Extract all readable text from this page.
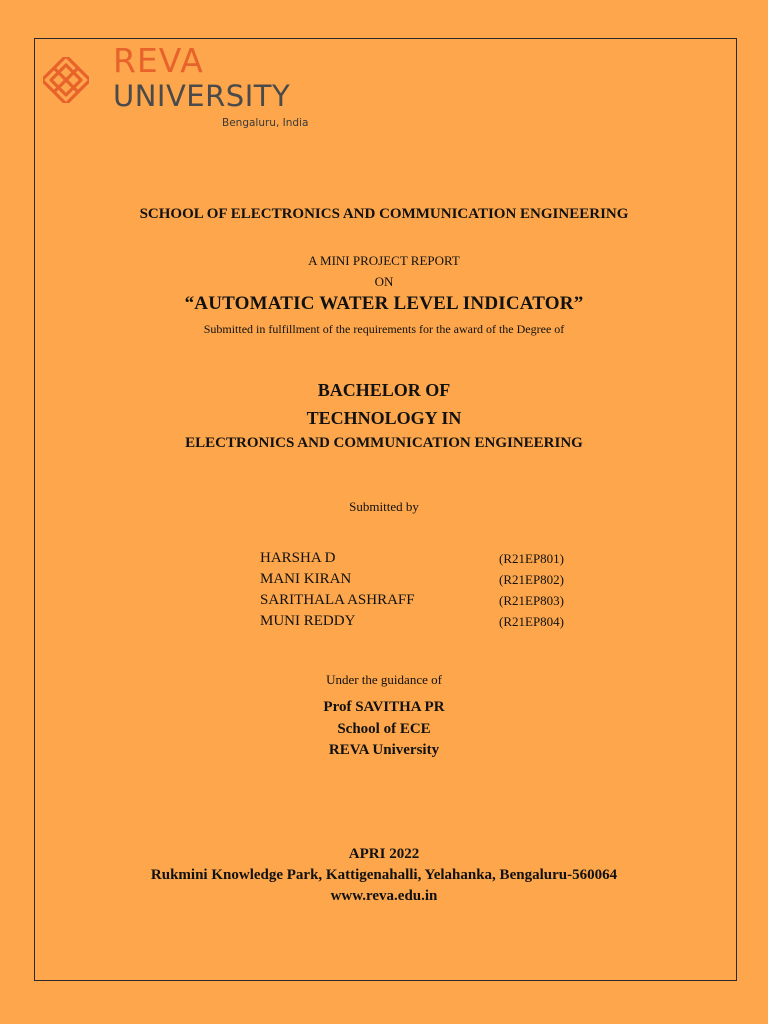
REVA
UNIVERSITY
Bengaluru, India
SCHOOL OF ELECTRONICS AND COMMUNICATION ENGINEERING
A MINI PROJECT REPORT
ON
“AUTOMATIC WATER LEVEL INDICATOR”
Submitted in fulfillment of the requirements for the award of the Degree of
BACHELOR OF
TECHNOLOGY IN
ELECTRONICS AND COMMUNICATION ENGINEERING
Submitted by
HARSHA D	(R21EP801)
MANI KIRAN	(R21EP802)
SARITHALA ASHRAFF	(R21EP803)
MUNI REDDY	(R21EP804)
Under the guidance of
Prof SAVITHA PR
School of ECE
REVA University
APRI 2022
Rukmini Knowledge Park, Kattigenahalli, Yelahanka, Bengaluru-560064
www.reva.edu.in
